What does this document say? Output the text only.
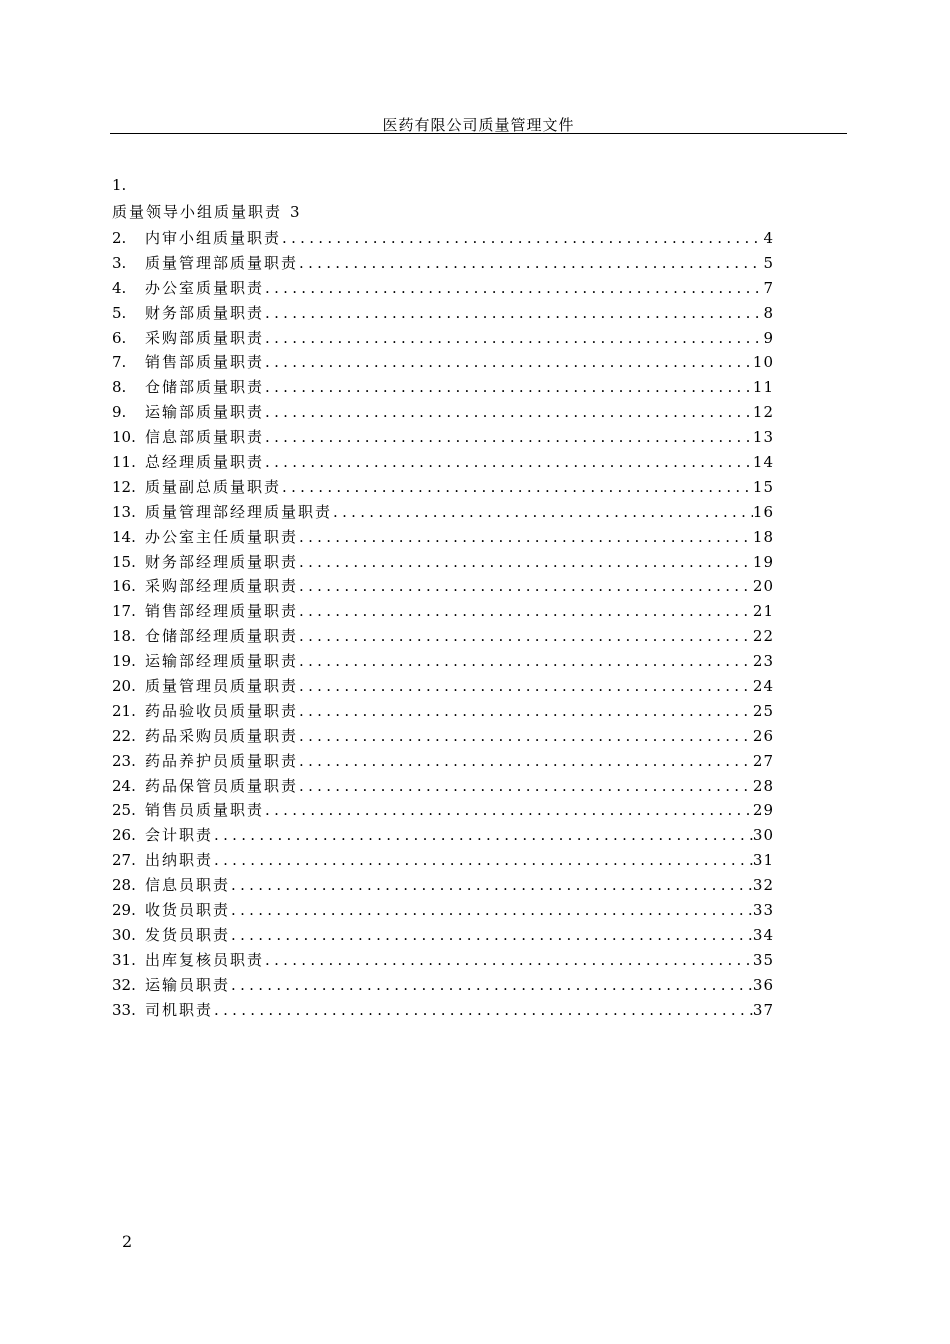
医药有限公司质量管理文件
1.
质量领导小组质量职责 3
2.	内审小组质量职责 .....	4
3.	质量管理部质量职责 .....	5
4.	办公室质量职责 .....	7
5.	财务部质量职责 .....	8
6.	采购部质量职责 .....	9
7.	销售部质量职责 .....	10
8.	仓储部质量职责 .....	11
9.	运输部质量职责 .....	12
10. 信息部质量职责 .....	13
11. 总经理质量职责 .....	14
12. 质量副总质量职责 .....	15
13. 质量管理部经理质量职责 .....	16
14. 办公室主任质量职责 .....	18
15. 财务部经理质量职责 .....	19
16. 采购部经理质量职责 .....	20
17. 销售部经理质量职责 .....	21
18. 仓储部经理质量职责 .....	22
19. 运输部经理质量职责 .....	23
20. 质量管理员质量职责 .....	24
21. 药品验收员质量职责 .....	25
22. 药品采购员质量职责 .....	26
23. 药品养护员质量职责 .....	27
24. 药品保管员质量职责 .....	28
25. 销售员质量职责 .....	29
26. 会计职责 .....	30
27. 出纳职责 .....	31
28. 信息员职责 .....	32
29. 收货员职责 .....	33
30. 发货员职责 .....	34
31. 出库复核员职责 .....	35
32. 运输员职责 .....	36
33. 司机职责 .....	37
2
